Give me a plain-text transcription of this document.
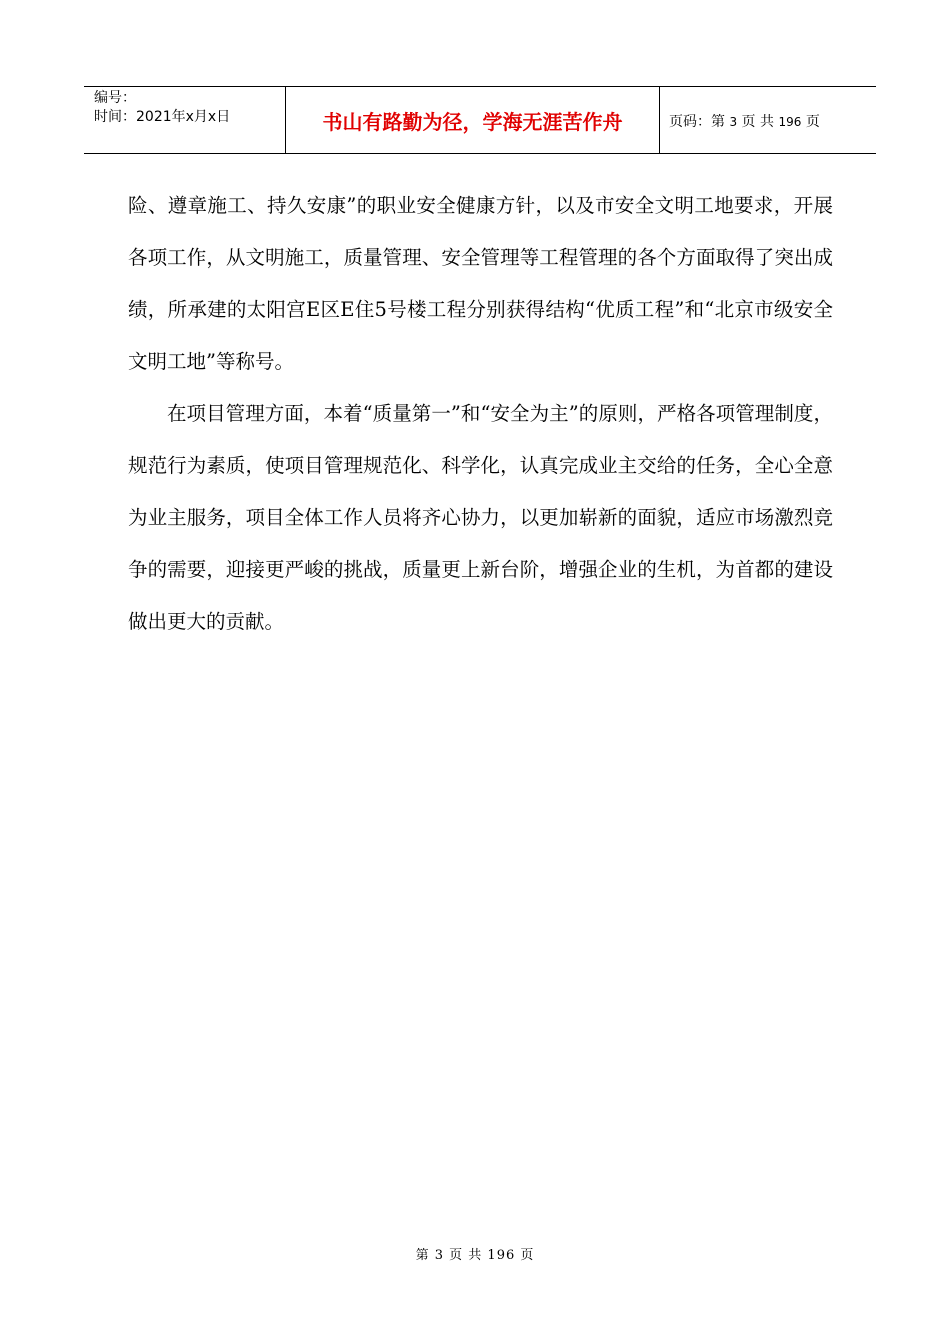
编号：
时间：2021年x月x日	书山有路勤为径，学海无涯苦作舟	页码：第 3 页 共 196 页

险、遵章施工、持久安康”的职业安全健康方针，以及市安全文明工地要求，开展各项工作，从文明施工，质量管理、安全管理等工程管理的各个方面取得了突出成绩，所承建的太阳宫E区E住5号楼工程分别获得结构“优质工程”和“北京市级安全文明工地”等称号。

在项目管理方面，本着“质量第一”和“安全为主”的原则，严格各项管理制度，规范行为素质，使项目管理规范化、科学化，认真完成业主交给的任务，全心全意为业主服务，项目全体工作人员将齐心协力，以更加崭新的面貌，适应市场激烈竞争的需要，迎接更严峻的挑战，质量更上新台阶，增强企业的生机，为首都的建设做出更大的贡献。

第 3 页 共 196 页
